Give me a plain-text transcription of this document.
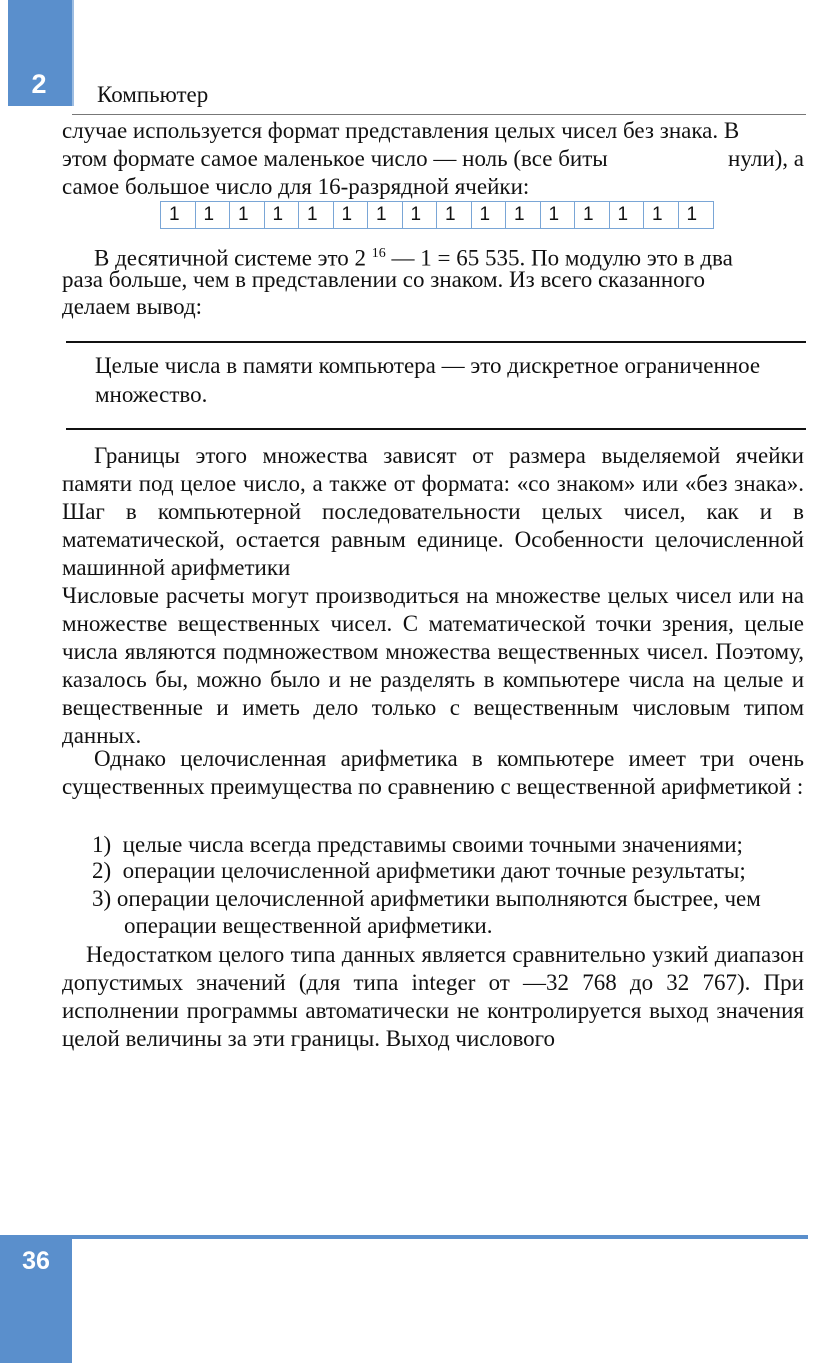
2	Компьютер
случае используется формат представления целых чисел без знака. В
этом формате самое маленькое число — ноль (все биты	нули), а
самое большое число для 16-разрядной ячейки:
1	1	1	1	1	1	1	1	1	1	1	1	1	1	1	1
В десятичной системе это 2 $^{16}$ — 1 = 65 535. По модулю это в два
раза больше, чем в представлении со знаком. Из всего сказанного
делаем вывод:
Целые числа в памяти компьютера — это дискретное ограниченное множество.
Границы этого множества зависят от размера выделяемой ячейки памяти под целое число, а также от формата: «со знаком» или «без знака». Шаг в компьютерной последовательности целых чисел, как и в математической, остается равным единице. Особенности целочисленной машинной арифметики
Числовые расчеты могут производиться на множестве целых чисел или на множестве вещественных чисел. С математической точки зрения, целые числа являются подмножеством множества вещественных чисел. Поэтому, казалось бы, можно было и не разделять в компьютере числа на целые и вещественные и иметь дело только с вещественным числовым типом данных.
Однако целочисленная арифметика в компьютере имеет три очень существенных преимущества по сравнению с вещественной арифметикой :
1) целые числа всегда представимы своими точными значениями;
2) операции целочисленной арифметики дают точные результаты;
3) операции целочисленной арифметики выполняются быстрее, чем
операции вещественной арифметики.
Недостатком целого типа данных является сравнительно узкий диапазон допустимых значений (для типа integer от —32 768 до 32 767). При исполнении программы автоматически не контролируется выход значения целой величины за эти границы. Выход числового
36
